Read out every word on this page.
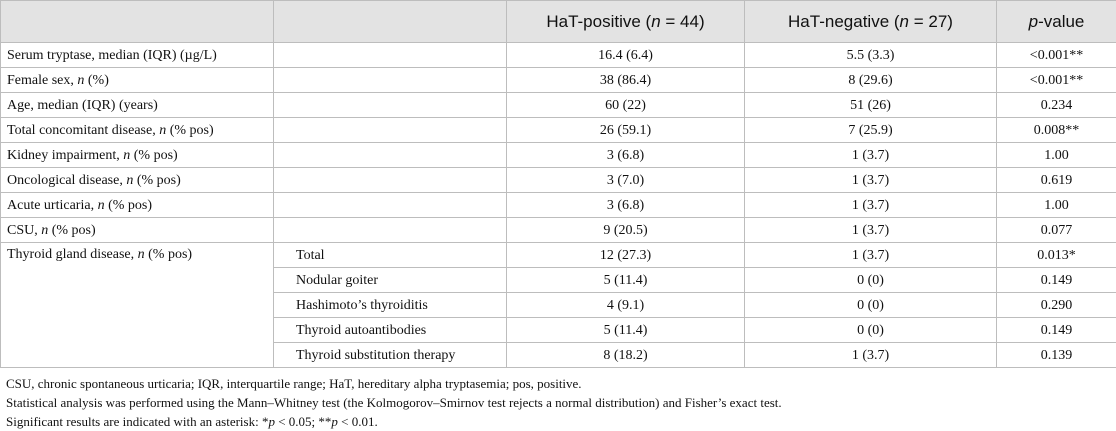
		HaT-positive (n = 44)	HaT-negative (n = 27)	p-value
Serum tryptase, median (IQR) (µg/L)		16.4 (6.4)	5.5 (3.3)	<0.001**
Female sex, n (%)		38 (86.4)	8 (29.6)	<0.001**
Age, median (IQR) (years)		60 (22)	51 (26)	0.234
Total concomitant disease, n (% pos)		26 (59.1)	7 (25.9)	0.008**
Kidney impairment, n (% pos)		3 (6.8)	1 (3.7)	1.00
Oncological disease, n (% pos)		3 (7.0)	1 (3.7)	0.619
Acute urticaria, n (% pos)		3 (6.8)	1 (3.7)	1.00
CSU, n (% pos)		9 (20.5)	1 (3.7)	0.077
Thyroid gland disease, n (% pos)	Total	12 (27.3)	1 (3.7)	0.013*
	Nodular goiter	5 (11.4)	0 (0)	0.149
	Hashimoto’s thyroiditis	4 (9.1)	0 (0)	0.290
	Thyroid autoantibodies	5 (11.4)	0 (0)	0.149
	Thyroid substitution therapy	8 (18.2)	1 (3.7)	0.139

CSU, chronic spontaneous urticaria; IQR, interquartile range; HaT, hereditary alpha tryptasemia; pos, positive.

Statistical analysis was performed using the Mann–Whitney test (the Kolmogorov–Smirnov test rejects a normal distribution) and Fisher’s exact test.

Significant results are indicated with an asterisk: *p < 0.05; **p < 0.01.
